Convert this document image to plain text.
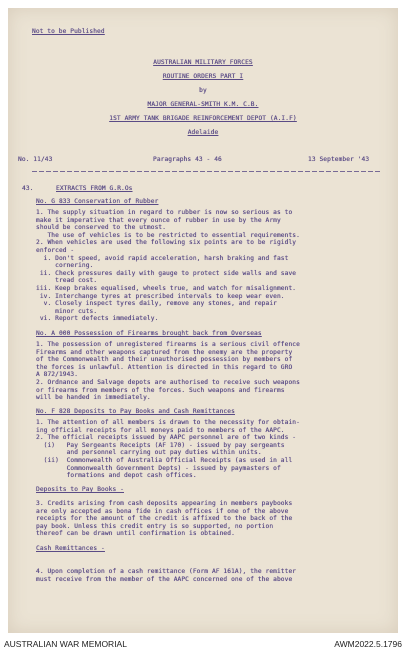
Not to be Published
AUSTRALIAN MILITARY FORCES
ROUTINE ORDERS PART I
by
MAJOR GENERAL-SMITH K.M. C.B.
1ST ARMY TANK BRIGADE REINFORCEMENT DEPOT (A.I.F)
Adelaide
No. 11/43	Paragraphs 43 - 46	13 September '43
43.	EXTRACTS FROM G.R.Os
No. G 833 Conservation of Rubber

1. The supply situation in regard to rubber is now so serious as to

make it imperative that every ounce of rubber in use by the Army

should be conserved to the utmost.

The use of vehicles is to be restricted to essential requirements.

2. When vehicles are used the following six points are to be rigidly

enforced -

i. Don't speed, avoid rapid acceleration, harsh braking and fast

cornering.

ii. Check pressures daily with gauge to protect side walls and save

tread cost.

iii. Keep brakes equalised, wheels true, and watch for misalignment.

iv. Interchange tyres at prescribed intervals to keep wear even.

v. Closely inspect tyres daily, remove any stones, and repair

minor cuts.

vi. Report defects immediately.

No. A 000 Possession of Firearms brought back from Overseas

1. The possession of unregistered firearms is a serious civil offence

Firearms and other weapons captured from the enemy are the property

of the Commonwealth and their unauthorised possession by members of

the forces is unlawful. Attention is directed in this regard to GRO

A 872/1943.

2. Ordnance and Salvage depots are authorised to receive such weapons

or firearms from members of the forces. Such weapons and firearms

will be handed in immediately.

No. F 828 Deposits to Pay Books and Cash Remittances

1. The attention of all members is drawn to the necessity for obtain-

ing official receipts for all moneys paid to members of the AAPC.

2. The official receipts issued by AAPC personnel are of two kinds -

(i)   Pay Sergeants Receipts (AF 170) - issued by pay sergeants

and personnel carrying out pay duties within units.

(ii)  Commonwealth of Australia Official Receipts (as used in all

Commonwealth Government Depts) - issued by paymasters of

formations and depot cash offices.

Deposits to Pay Books -

3. Credits arising from cash deposits appearing in members paybooks

are only accepted as bona fide in cash offices if one of the above

receipts for the amount of the credit is affixed to the back of the

pay book. Unless this credit entry is so supported, no portion

thereof can be drawn until confirmation is obtained.

Cash Remittances -

4. Upon completion of a cash remittance (Form AF 161A), the remitter

must receive from the member of the AAPC concerned one of the above

AUSTRALIAN WAR MEMORIAL	AWM2022.5.1796
